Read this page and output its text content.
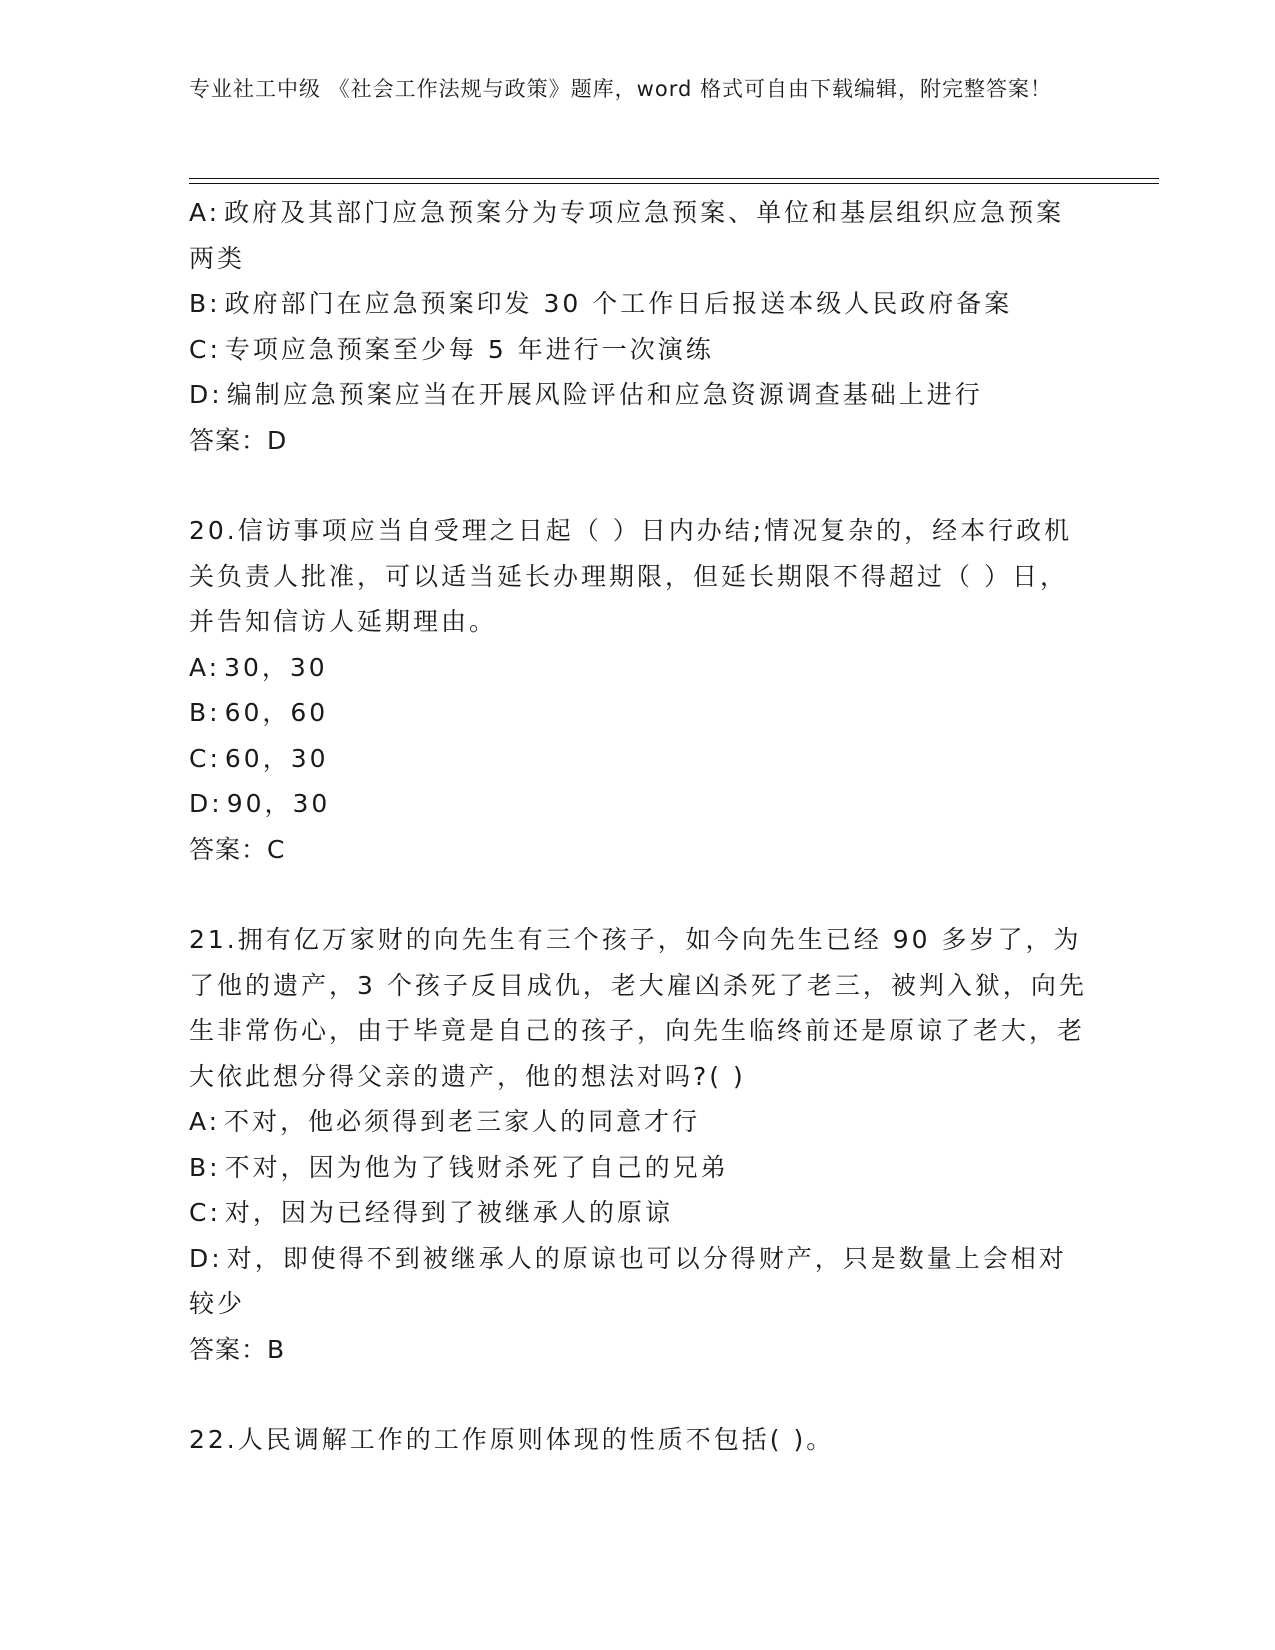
专业社工中级 《社会工作法规与政策》题库，word 格式可自由下载编辑，附完整答案！

A: 政府及其部门应急预案分为专项应急预案、单位和基层组织应急预案两类

B: 政府部门在应急预案印发 30 个工作日后报送本级人民政府备案

C: 专项应急预案至少每 5 年进行一次演练

D: 编制应急预案应当在开展风险评估和应急资源调查基础上进行

答案：D

20.信访事项应当自受理之日起（ ）日内办结;情况复杂的，经本行政机关负责人批准，可以适当延长办理期限，但延长期限不得超过（ ）日，并告知信访人延期理由。

A: 30，30

B: 60，60

C: 60，30

D: 90，30

答案：C

21.拥有亿万家财的向先生有三个孩子，如今向先生已经 90 多岁了，为了他的遗产，3 个孩子反目成仇，老大雇凶杀死了老三，被判入狱，向先生非常伤心，由于毕竟是自己的孩子，向先生临终前还是原谅了老大，老大依此想分得父亲的遗产，他的想法对吗?( )

A: 不对，他必须得到老三家人的同意才行

B: 不对，因为他为了钱财杀死了自己的兄弟

C: 对，因为已经得到了被继承人的原谅

D: 对，即使得不到被继承人的原谅也可以分得财产，只是数量上会相对较少

答案：B

22.人民调解工作的工作原则体现的性质不包括( )。
